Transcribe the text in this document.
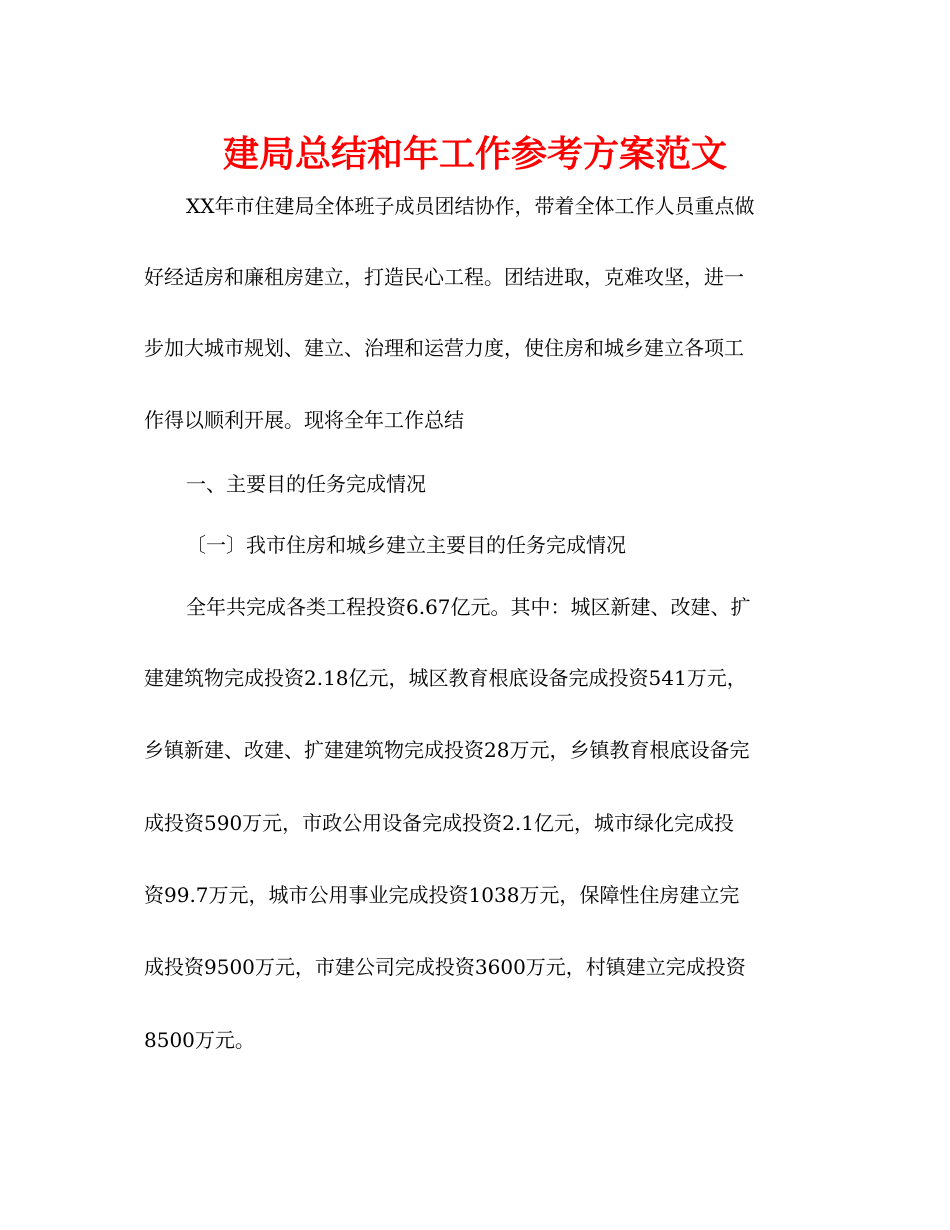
建局总结和年工作参考方案范文
XX年市住建局全体班子成员团结协作，带着全体工作人员重点做
好经适房和廉租房建立，打造民心工程。团结进取，克难攻坚，进一
步加大城市规划、建立、治理和运营力度，使住房和城乡建立各项工
作得以顺利开展。现将全年工作总结
一、主要目的任务完成情况
〔一〕我市住房和城乡建立主要目的任务完成情况
全年共完成各类工程投资6.67亿元。其中：城区新建、改建、扩
建建筑物完成投资2.18亿元，城区教育根底设备完成投资541万元，
乡镇新建、改建、扩建建筑物完成投资28万元，乡镇教育根底设备完
成投资590万元，市政公用设备完成投资2.1亿元，城市绿化完成投
资99.7万元，城市公用事业完成投资1038万元，保障性住房建立完
成投资9500万元，市建公司完成投资3600万元，村镇建立完成投资
8500万元。
